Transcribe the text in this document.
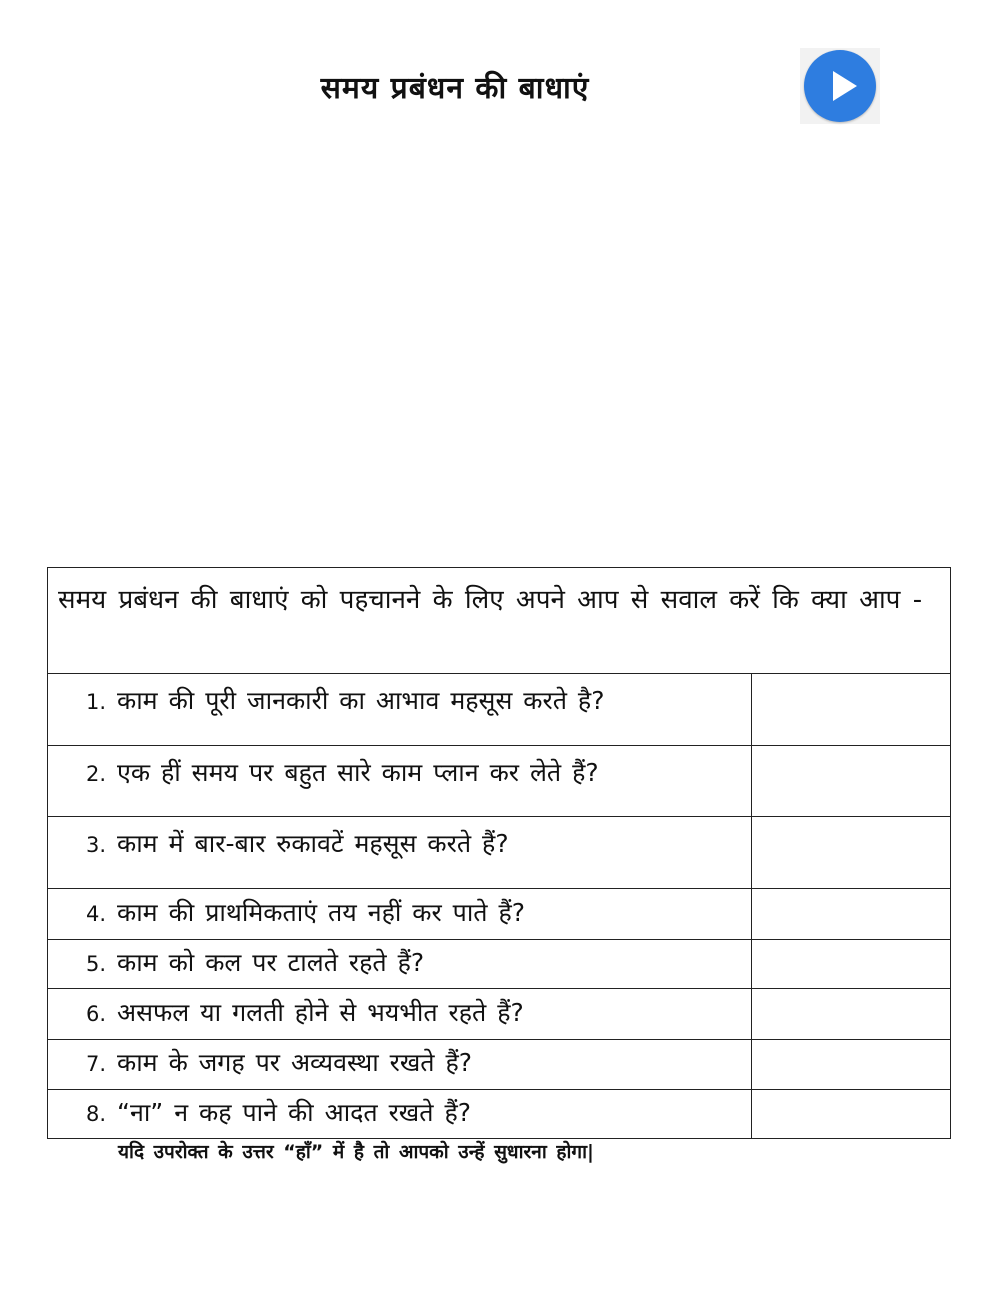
समय प्रबंधन की बाधाएं
समय प्रबंधन की बाधाएं को पहचानने के लिए अपने आप से सवाल करें कि क्या आप -	
1. काम की पूरी जानकारी का आभाव महसूस करते है?	
2. एक हीं समय पर बहुत सारे काम प्लान कर लेते हैं?	
3. काम में बार-बार रुकावटें महसूस करते हैं?	
4. काम की प्राथमिकताएं तय नहीं कर पाते हैं?	
5. काम को कल पर टालते रहते हैं?	
6. असफल या गलती होने से भयभीत रहते हैं?	
7. काम के जगह पर अव्यवस्था रखते हैं?	
8. “ना” न कह पाने की आदत रखते हैं?	

यदि उपरोक्त के उत्तर “हाँ” में है तो आपको उन्हें सुधारना होगा|
